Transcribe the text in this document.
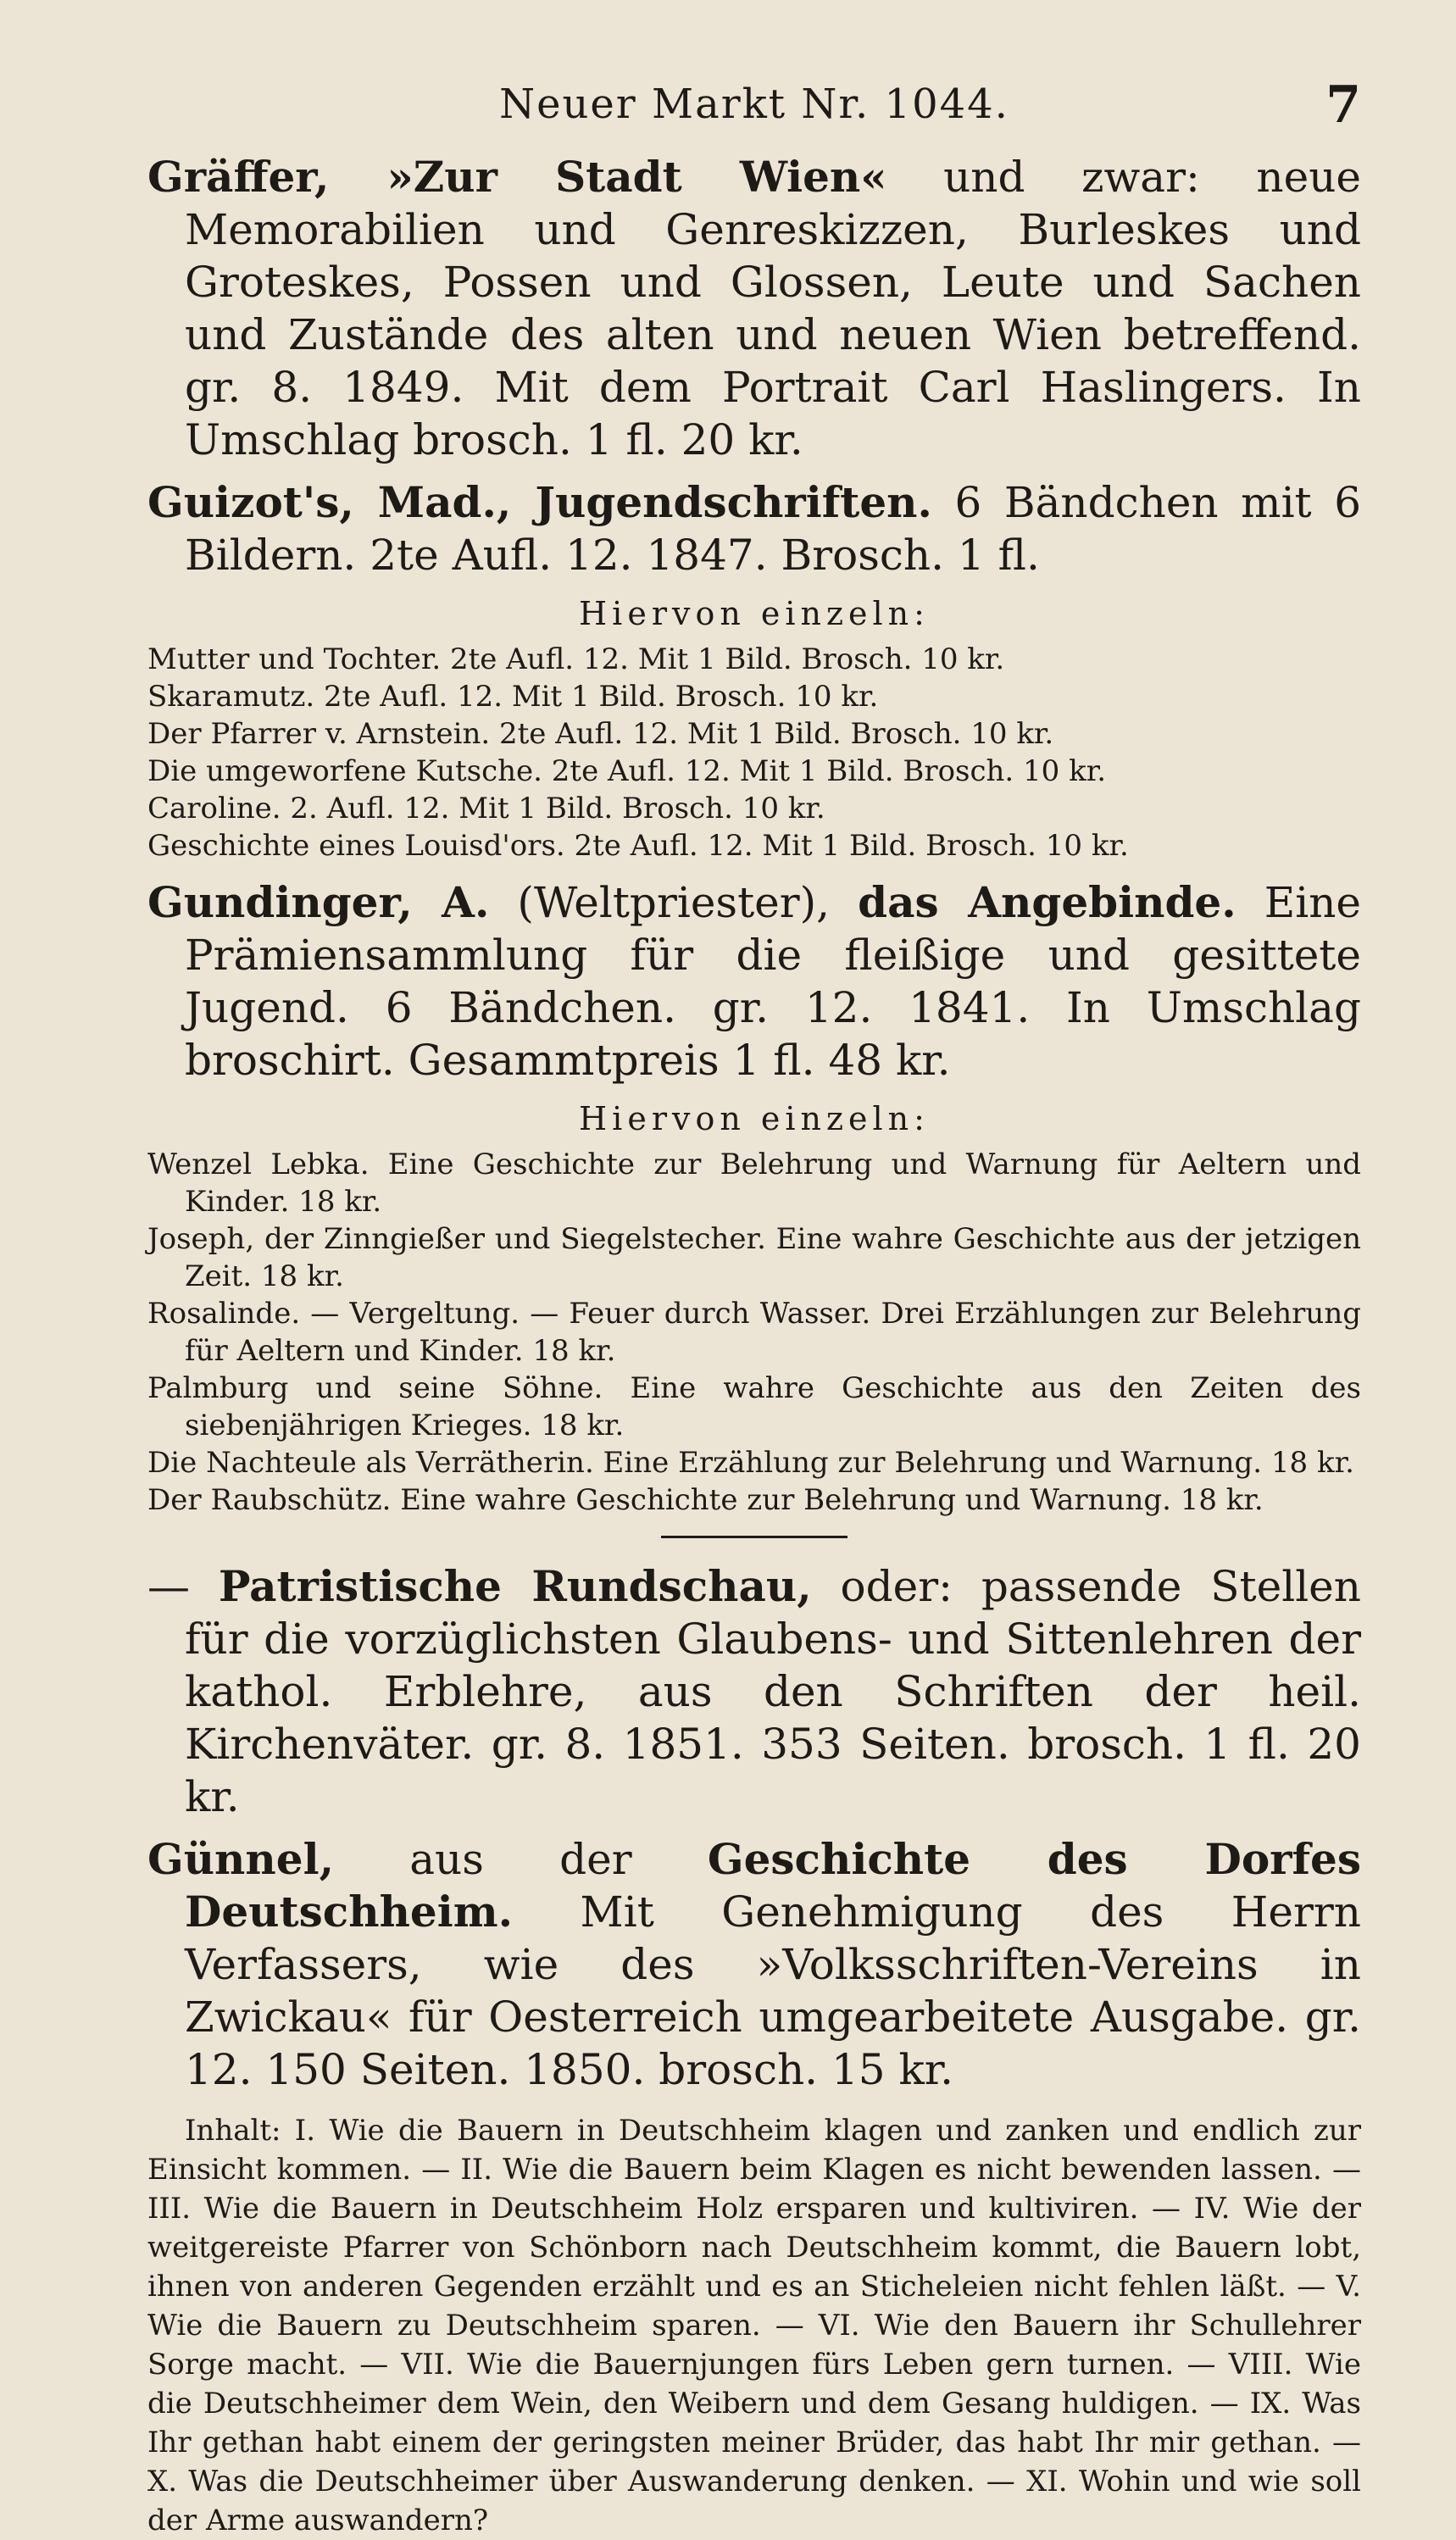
Neuer Markt Nr. 1044.	7

Gräffer, »Zur Stadt Wien« und zwar: neue Memorabilien und Genreskizzen, Burleskes und Groteskes, Possen und Glossen, Leute und Sachen und Zustände des alten und neuen Wien betreffend. gr. 8. 1849. Mit dem Portrait Carl Haslingers. In Umschlag brosch. 1 fl. 20 kr.

Guizot's, Mad., Jugendschriften. 6 Bändchen mit 6 Bildern. 2te Aufl. 12. 1847. Brosch. 1 fl.

Hiervon einzeln:

Mutter und Tochter. 2te Aufl. 12. Mit 1 Bild. Brosch. 10 kr.

Skaramutz. 2te Aufl. 12. Mit 1 Bild. Brosch. 10 kr.

Der Pfarrer v. Arnstein. 2te Aufl. 12. Mit 1 Bild. Brosch. 10 kr.

Die umgeworfene Kutsche. 2te Aufl. 12. Mit 1 Bild. Brosch. 10 kr.

Caroline. 2. Aufl. 12. Mit 1 Bild. Brosch. 10 kr.

Geschichte eines Louisd'ors. 2te Aufl. 12. Mit 1 Bild. Brosch. 10 kr.

Gundinger, A. (Weltpriester), das Angebinde. Eine Prämiensammlung für die fleißige und gesittete Jugend. 6 Bändchen. gr. 12. 1841. In Umschlag broschirt. Gesammtpreis 1 fl. 48 kr.

Hiervon einzeln:

Wenzel Lebka. Eine Geschichte zur Belehrung und Warnung für Aeltern und Kinder. 18 kr.

Joseph, der Zinngießer und Siegelstecher. Eine wahre Geschichte aus der jetzigen Zeit. 18 kr.

Rosalinde. — Vergeltung. — Feuer durch Wasser. Drei Erzählungen zur Belehrung für Aeltern und Kinder. 18 kr.

Palmburg und seine Söhne. Eine wahre Geschichte aus den Zeiten des siebenjährigen Krieges. 18 kr.

Die Nachteule als Verrätherin. Eine Erzählung zur Belehrung und Warnung. 18 kr.

Der Raubschütz. Eine wahre Geschichte zur Belehrung und Warnung. 18 kr.

— Patristische Rundschau, oder: passende Stellen für die vorzüglichsten Glaubens- und Sittenlehren der kathol. Erblehre, aus den Schriften der heil. Kirchenväter. gr. 8. 1851. 353 Seiten. brosch. 1 fl. 20 kr.

Günnel, aus der Geschichte des Dorfes Deutschheim. Mit Genehmigung des Herrn Verfassers, wie des »Volksschriften-Vereins in Zwickau« für Oesterreich umgearbeitete Ausgabe. gr. 12. 150 Seiten. 1850. brosch. 15 kr.

Inhalt: I. Wie die Bauern in Deutschheim klagen und zanken und endlich zur Einsicht kommen. — II. Wie die Bauern beim Klagen es nicht bewenden lassen. — III. Wie die Bauern in Deutschheim Holz ersparen und kultiviren. — IV. Wie der weitgereiste Pfarrer von Schönborn nach Deutschheim kommt, die Bauern lobt, ihnen von anderen Gegenden erzählt und es an Sticheleien nicht fehlen läßt. — V. Wie die Bauern zu Deutschheim sparen. — VI. Wie den Bauern ihr Schullehrer Sorge macht. — VII. Wie die Bauernjungen fürs Leben gern turnen. — VIII. Wie die Deutschheimer dem Wein, den Weibern und dem Gesang huldigen. — IX. Was Ihr gethan habt einem der geringsten meiner Brüder, das habt Ihr mir gethan. — X. Was die Deutschheimer über Auswanderung denken. — XI. Wohin und wie soll der Arme auswandern?
